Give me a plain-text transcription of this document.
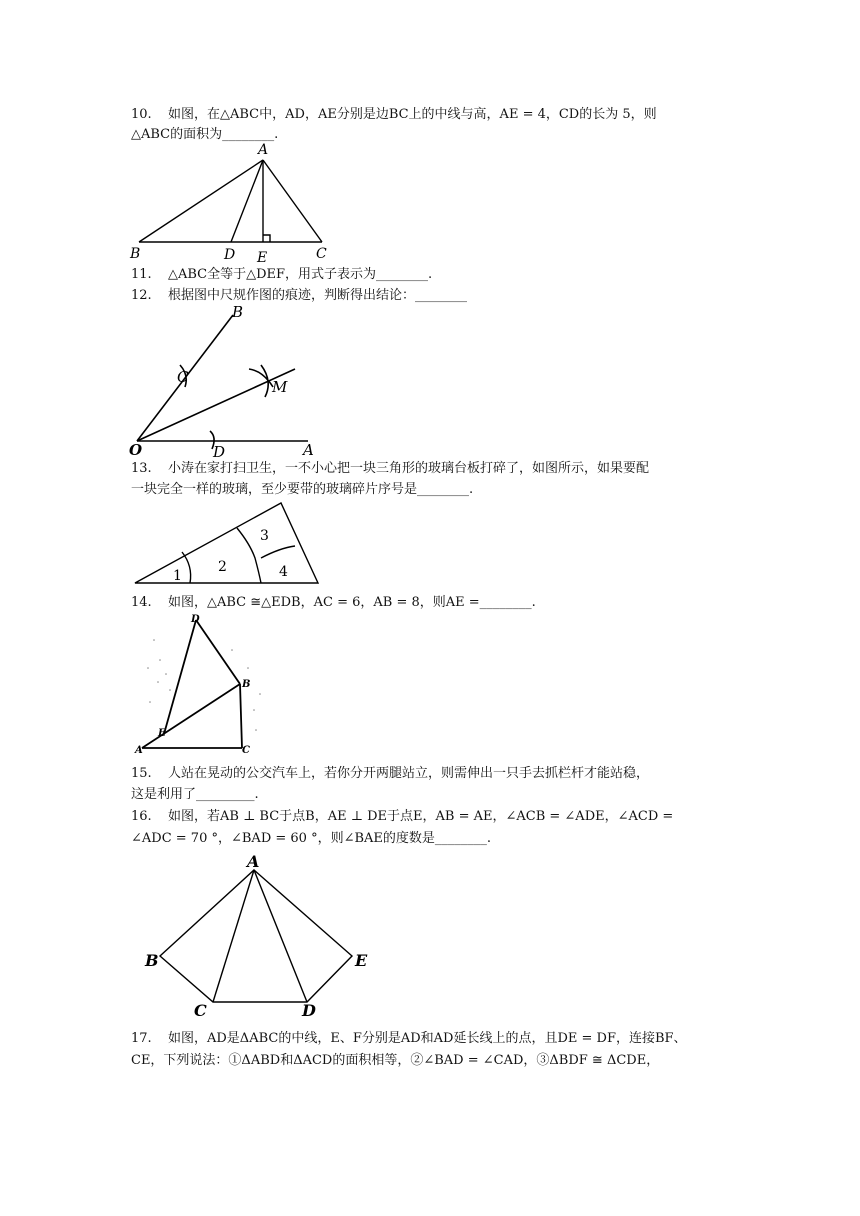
10. 如图，在△ABC中，AD，AE分别是边BC上的中线与高，AE = 4，CD的长为 5，则
△ABC的面积为________.
A
B	C
D E
11. △ABC全等于△DEF，用式子表示为________.
12. 根据图中尺规作图的痕迹，判断得出结论：________
O	A
B
C
D
M
13. 小涛在家打扫卫生，一不小心把一块三角形的玻璃台板打碎了，如图所示，如果要配
一块完全一样的玻璃，至少要带的玻璃碎片序号是________.
1
2
3
4
14. 如图，△ABC ≅△EDB，AC = 6，AB = 8，则AE =________.
A
B
C
D
E
15. 人站在晃动的公交汽车上，若你分开两腿站立，则需伸出一只手去抓栏杆才能站稳，
这是利用了_________.
16. 如图，若AB ⊥ BC于点B，AE ⊥ DE于点E，AB = AE，∠ACB = ∠ADE，∠ACD =
∠ADC = 70 °，∠BAD = 60 °，则∠BAE的度数是________.
A
B
C	D
E
17. 如图，AD是ΔABC的中线，E、F分别是AD和AD延长线上的点，且DE = DF，连接BF、
CE，下列说法：①ΔABD和ΔACD的面积相等，②∠BAD = ∠CAD，③ΔBDF ≅ ΔCDE，
